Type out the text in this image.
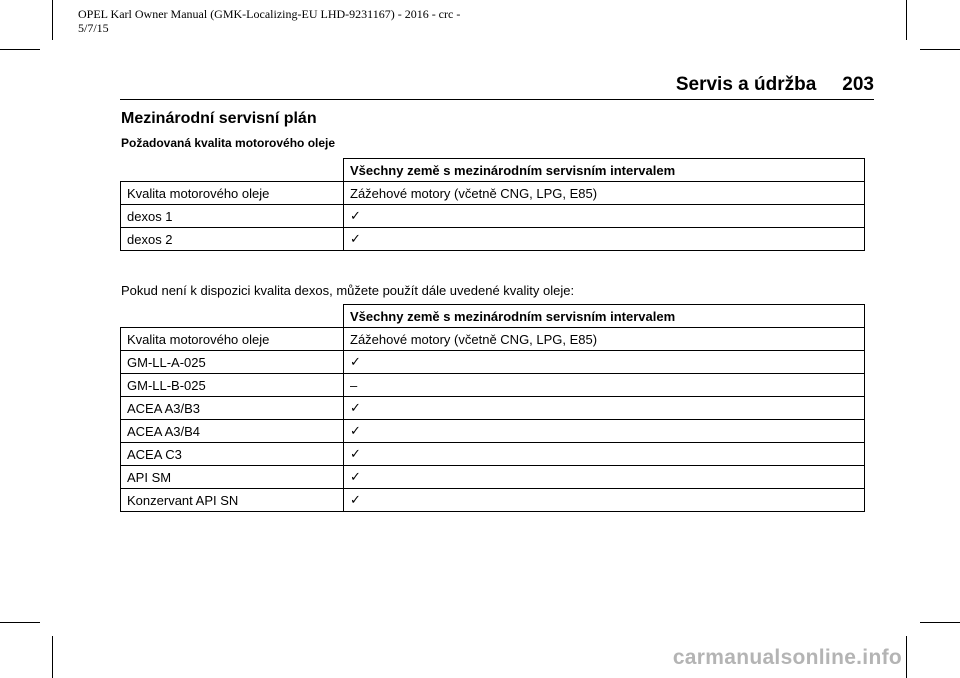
OPEL Karl Owner Manual (GMK-Localizing-EU LHD-9231167) - 2016 - crc -
5/7/15
Servis a údržba 203
Mezinárodní servisní plán
Požadovaná kvalita motorového oleje
	Všechny země s mezinárodním servisním intervalem
Kvalita motorového oleje	Zážehové motory (včetně CNG, LPG, E85)
dexos 1	✓
dexos 2	✓

Pokud není k dispozici kvalita dexos, můžete použít dále uvedené kvality oleje:

	Všechny země s mezinárodním servisním intervalem
Kvalita motorového oleje	Zážehové motory (včetně CNG, LPG, E85)
GM-LL-A-025	✓
GM-LL-B-025	–
ACEA A3/B3	✓
ACEA A3/B4	✓
ACEA C3	✓
API SM	✓
Konzervant API SN	✓
carmanualsonline.info
